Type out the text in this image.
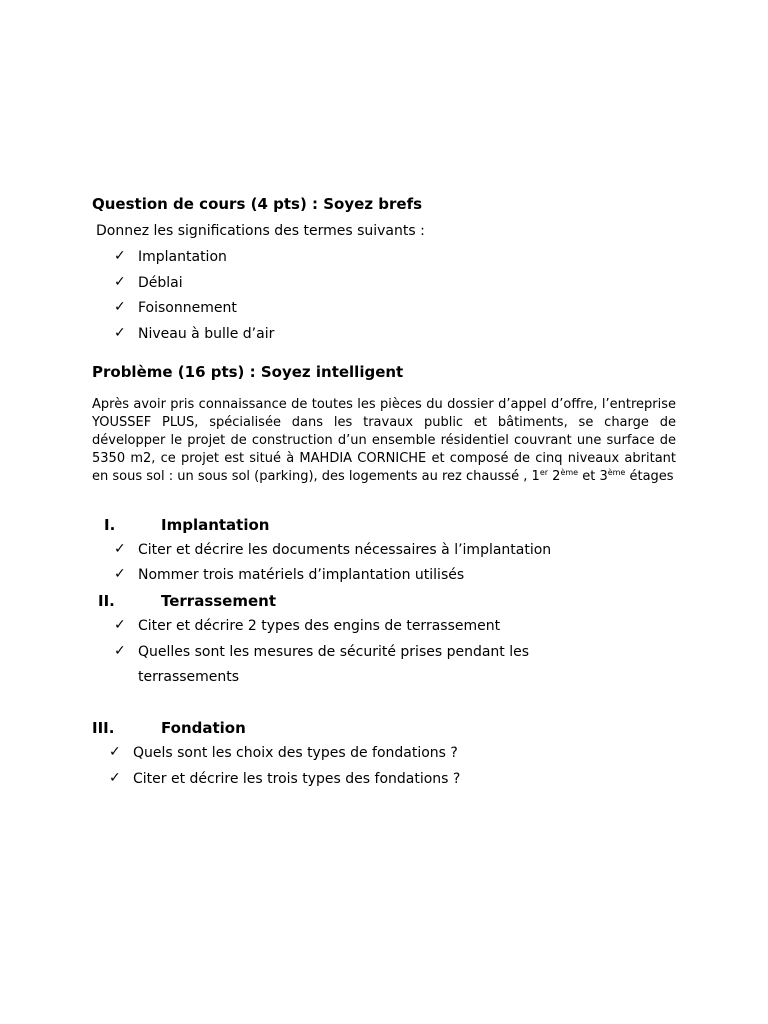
Question de cours (4 pts) : Soyez brefs
Donnez les significations des termes suivants :
✓ Implantation
✓ Déblai
✓ Foisonnement
✓ Niveau à bulle d’air
Problème (16 pts) : Soyez intelligent

Après avoir pris connaissance de toutes les pièces du dossier d’appel d’offre, l’entreprise YOUSSEF PLUS, spécialisée dans les travaux public et bâtiments, se charge de développer le projet de construction d’un ensemble résidentiel couvrant une surface de 5350 m2, ce projet est situé à MAHDIA CORNICHE et composé de cinq niveaux abritant en sous sol : un sous sol (parking), des logements au rez chaussé , 1er 2ème et 3ème étages

I.	Implantation
✓ Citer et décrire les documents nécessaires à l’implantation
✓ Nommer trois matériels d’implantation utilisés
II.	Terrassement
✓ Citer et décrire 2 types des engins de terrassement
✓ Quelles sont les mesures de sécurité prises pendant les
terrassements
III.	Fondation
✓ Quels sont les choix des types de fondations ?
✓ Citer et décrire les trois types des fondations ?
